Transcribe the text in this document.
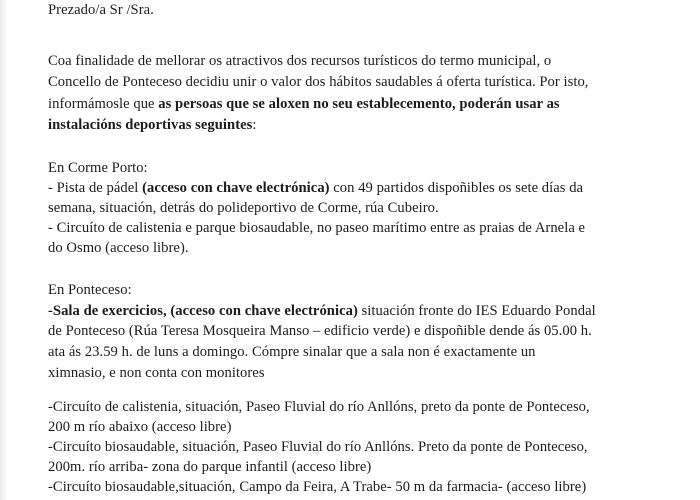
Prezado/a Sr /Sra.
Coa finalidade de mellorar os atractivos dos recursos turísticos do termo municipal, o
Concello de Ponteceso decidiu unir o valor dos hábitos saudables á oferta turística. Por isto,
informámosle que as persoas que se aloxen no seu establecemento, poderán usar as
instalacións deportivas seguintes:
En Corme Porto:
- Pista de pádel (acceso con chave electrónica) con 49 partidos dispoñibles os sete días da
semana, situación, detrás do polideportivo de Corme, rúa Cubeiro.
- Circuíto de calistenia e parque biosaudable, no paseo marítimo entre as praias de Arnela e
do Osmo (acceso libre).
En Ponteceso:
-Sala de exercicios, (acceso con chave electrónica) situación fronte do IES Eduardo Pondal
de Ponteceso (Rúa Teresa Mosqueira Manso – edificio verde) e dispoñible dende ás 05.00 h.
ata ás 23.59 h. de luns a domingo. Cómpre sinalar que a sala non é exactamente un
ximnasio, e non conta con monitores
-Circuíto de calistenia, situación, Paseo Fluvial do río Anllóns, preto da ponte de Ponteceso,
200 m río abaixo (acceso libre)
-Circuíto biosaudable, situación, Paseo Fluvial do río Anllóns. Preto da ponte de Ponteceso,
200m. río arriba- zona do parque infantil (acceso libre)
-Circuíto biosaudable,situación, Campo da Feira, A Trabe- 50 m da farmacia- (acceso libre)
